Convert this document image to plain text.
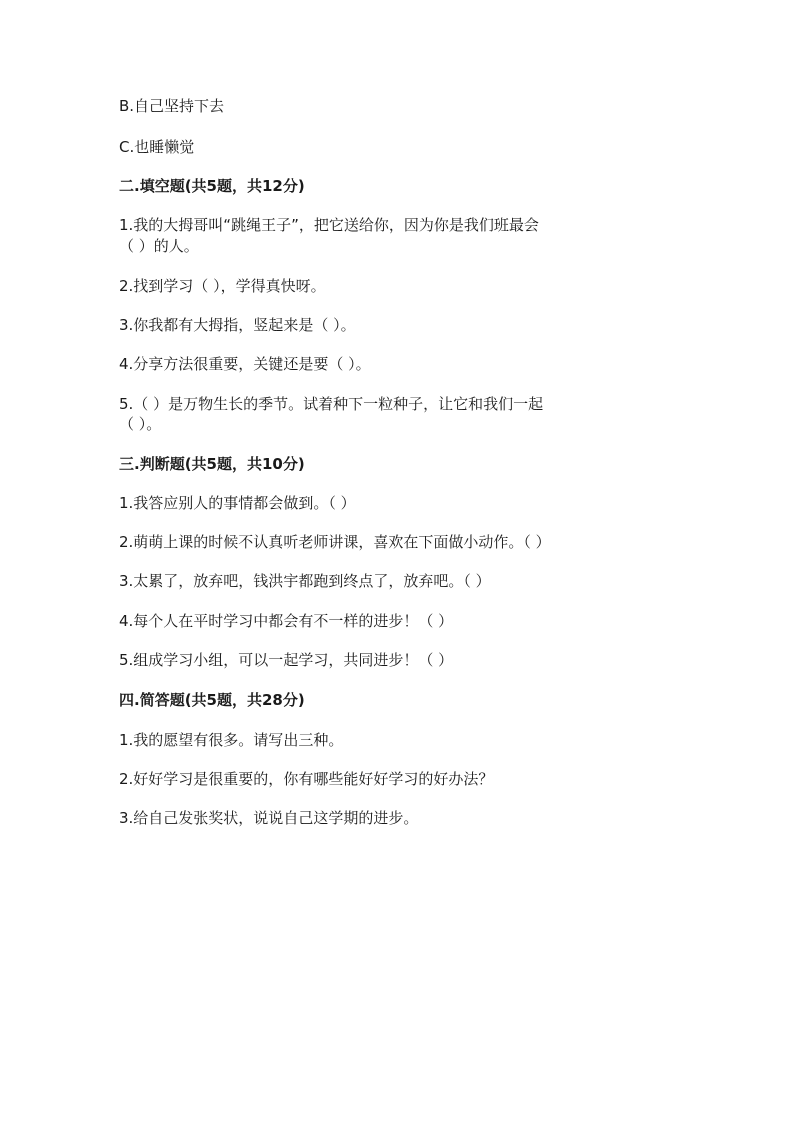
B.自己坚持下去
C.也睡懒觉
二.填空题(共5题，共12分)
1.我的大拇哥叫“跳绳王子”，把它送给你，因为你是我们班最会
（ ）的人。
2.找到学习（ ），学得真快呀。
3.你我都有大拇指，竖起来是（ ）。
4.分享方法很重要，关键还是要（ ）。
5.（ ）是万物生长的季节。试着种下一粒种子，让它和我们一起
（ ）。
三.判断题(共5题，共10分)
1.我答应别人的事情都会做到。（ ）
2.萌萌上课的时候不认真听老师讲课，喜欢在下面做小动作。（ ）
3.太累了，放弃吧，钱洪宇都跑到终点了，放弃吧。（ ）
4.每个人在平时学习中都会有不一样的进步！（ ）
5.组成学习小组，可以一起学习，共同进步！（ ）
四.简答题(共5题，共28分)
1.我的愿望有很多。请写出三种。
2.好好学习是很重要的，你有哪些能好好学习的好办法？
3.给自己发张奖状，说说自己这学期的进步。
